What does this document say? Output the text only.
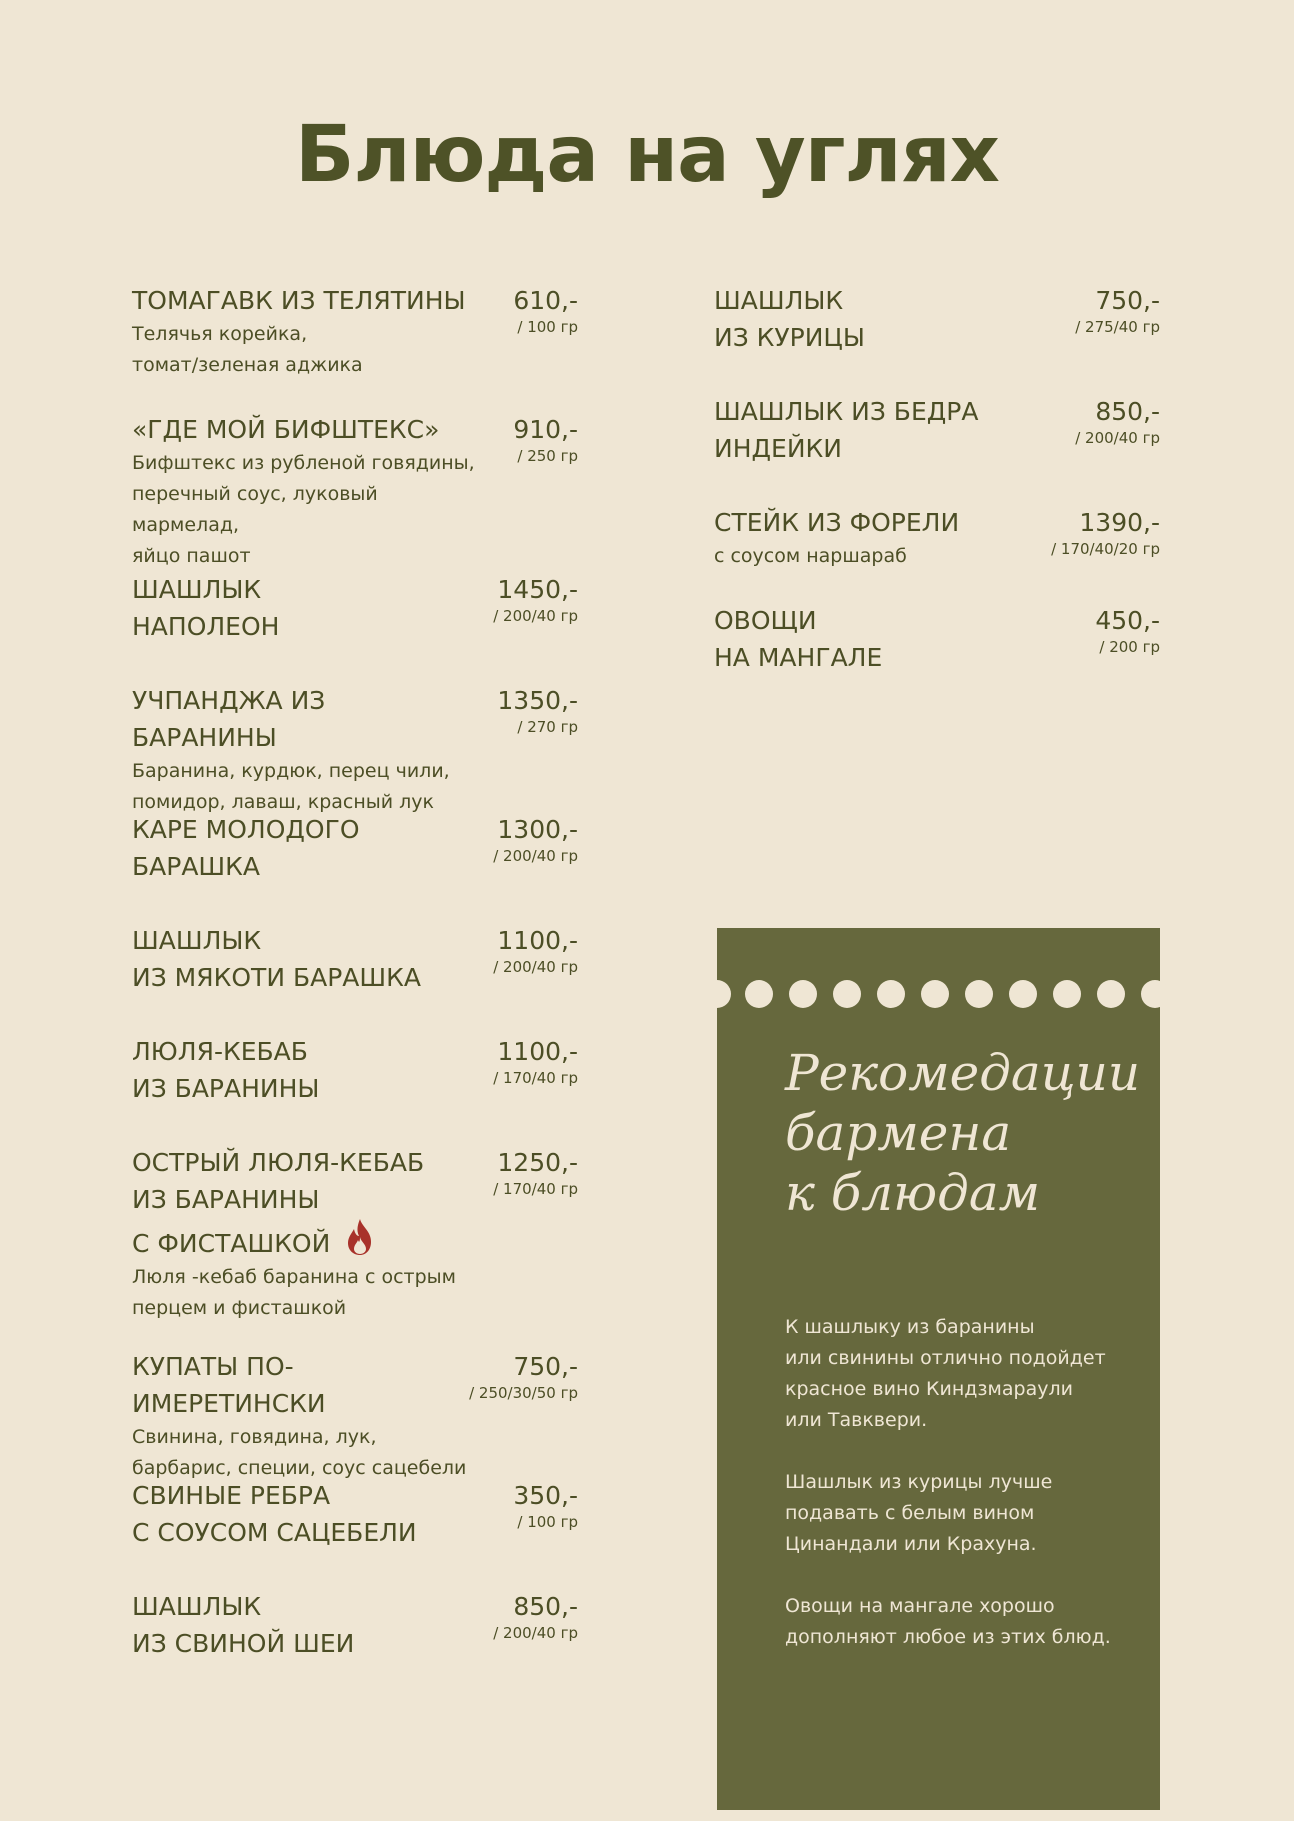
Блюда на углях
ТОМАГАВК ИЗ ТЕЛЯТИНЫ
Телячья корейка,
томат/зеленая аджика
610,-
/ 100 гр
«ГДЕ МОЙ БИФШТЕКС»
Бифштекс из рубленой говядины,
перечный соус, луковый мармелад,
яйцо пашот
910,-
/ 250 гр
ШАШЛЫК
НАПОЛЕОН
1450,-
/ 200/40 гр
УЧПАНДЖА ИЗ БАРАНИНЫ
Баранина, курдюк, перец чили,
помидор, лаваш, красный лук
1350,-
/ 270 гр
КАРЕ МОЛОДОГО
БАРАШКА
1300,-
/ 200/40 гр
ШАШЛЫК
ИЗ МЯКОТИ БАРАШКА
1100,-
/ 200/40 гр
ЛЮЛЯ-КЕБАБ
ИЗ БАРАНИНЫ
1100,-
/ 170/40 гр
ОСТРЫЙ ЛЮЛЯ-КЕБАБ
ИЗ БАРАНИНЫ
С ФИСТАШКОЙ
Люля -кебаб баранина с острым
перцем и фисташкой
1250,-
/ 170/40 гр
КУПАТЫ ПО-ИМЕРЕТИНСКИ
Свинина, говядина, лук,
барбарис, специи, соус сацебели
750,-
/ 250/30/50 гр
СВИНЫЕ РЕБРА
С СОУСОМ САЦЕБЕЛИ
350,-
/ 100 гр
ШАШЛЫК
ИЗ СВИНОЙ ШЕИ
850,-
/ 200/40 гр
ШАШЛЫК
ИЗ КУРИЦЫ
750,-
/ 275/40 гр
ШАШЛЫК ИЗ БЕДРА
ИНДЕЙКИ
850,-
/ 200/40 гр
СТЕЙК ИЗ ФОРЕЛИ
с соусом наршараб
1390,-
/ 170/40/20 гр
ОВОЩИ
НА МАНГАЛЕ
450,-
/ 200 гр
Рекомедации
бармена
к блюдам

К шашлыку из баранины
или свинины отлично подойдет
красное вино Киндзмараули
или Тавквери.

Шашлык из курицы лучше
подавать с белым вином
Цинандали или Крахуна.

Овощи на мангале хорошо
дополняют любое из этих блюд.
